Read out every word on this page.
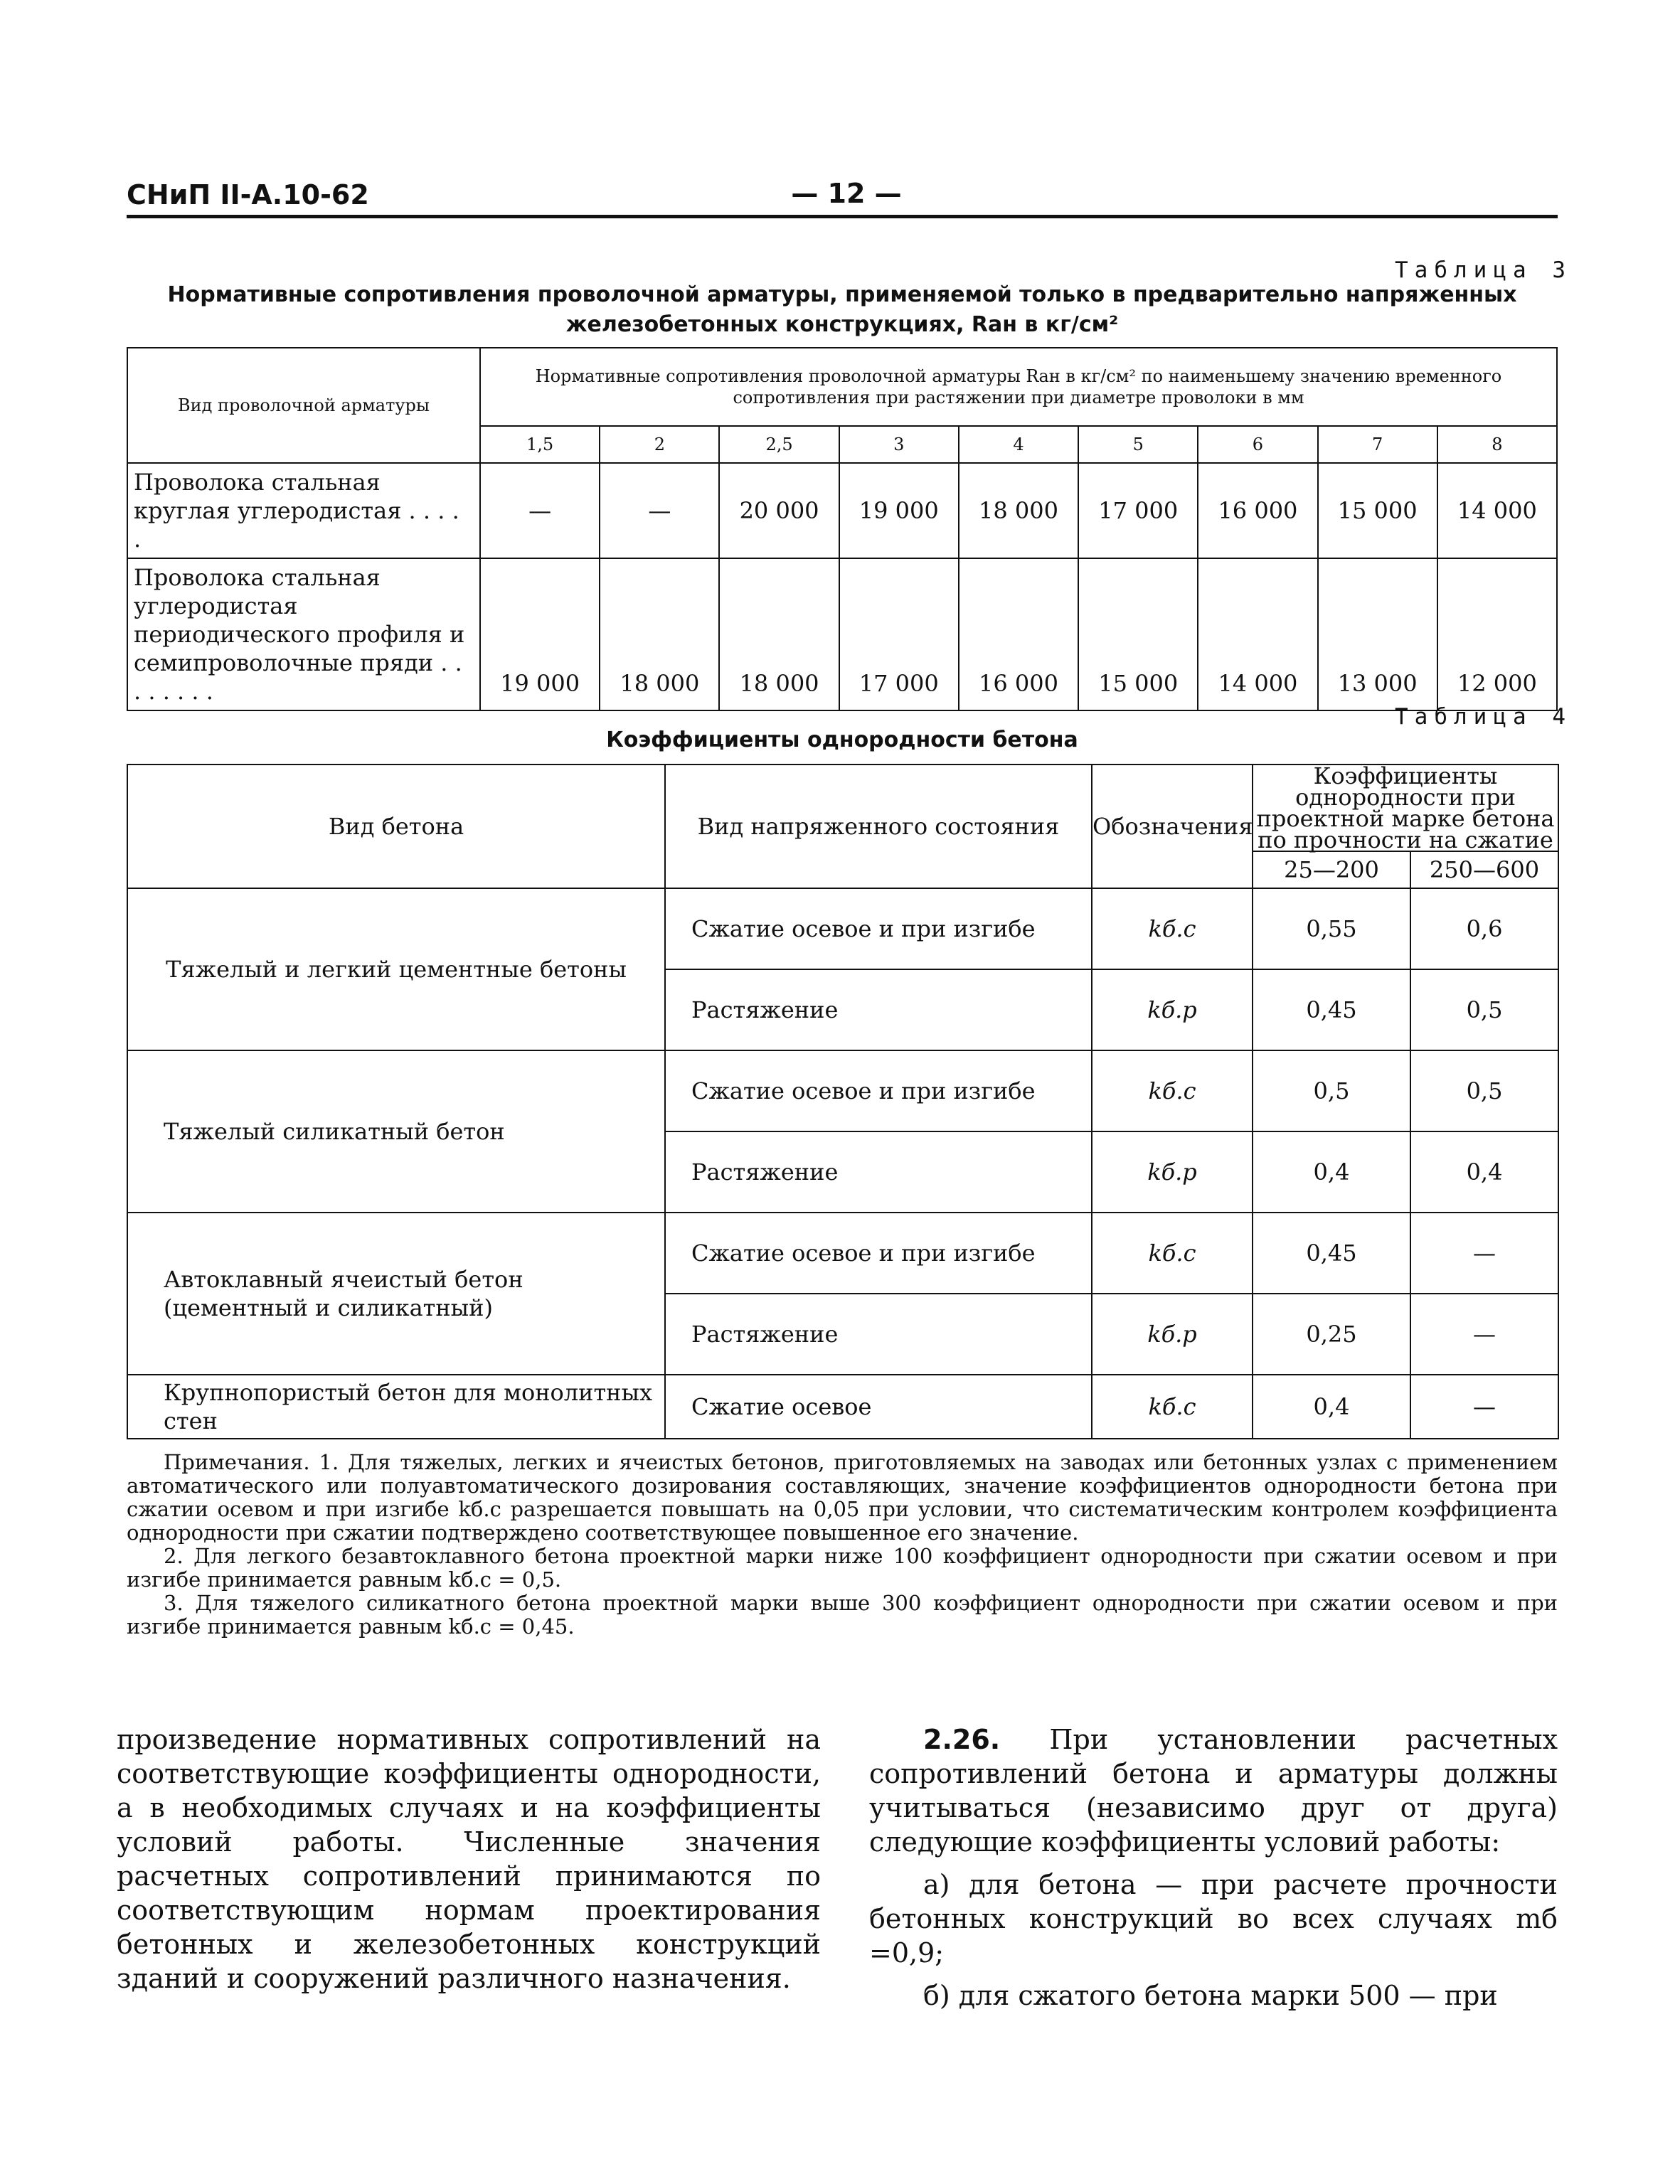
СНиП II-А.10-62	— 12 —
Таблица 3
Нормативные сопротивления проволочной арматуры, применяемой только в предварительно напряженных
железобетонных конструкциях, Rан в кг/см²
Вид проволочной арматуры	Нормативные сопротивления проволочной арматуры Rан в кг/см² по наименьшему значению временного сопротивления при растяжении при диаметре проволоки в мм								
	1,5	2	2,5	3	4	5	6	7	8
Проволока стальная круглая углеродистая . . . . .	—	—	20 000	19 000	18 000	17 000	16 000	15 000	14 000
Проволока стальная углеродистая периодического профиля и семипроволочные пряди . . . . . . . .	19 000	18 000	18 000	17 000	16 000	15 000	14 000	13 000	12 000
Таблица 4
Коэффициенты однородности бетона
Вид бетона	Вид напряженного состояния	Обозначения	Коэффициенты однородности при проектной марке бетона по прочности на сжатие	
			25—200	250—600
Тяжелый и легкий цементные бетоны	Сжатие осевое и при изгибе	kб.с	0,55	0,6
	Растяжение	kб.р	0,45	0,5
Тяжелый силикатный бетон	Сжатие осевое и при изгибе	kб.с	0,5	0,5
	Растяжение	kб.р	0,4	0,4
Автоклавный ячеистый бетон (цементный и силикатный)	Сжатие осевое и при изгибе	kб.с	0,45	—
	Растяжение	kб.р	0,25	—
Крупнопористый бетон для монолитных стен	Сжатие осевое	kб.с	0,4	—

Примечания. 1. Для тяжелых, легких и ячеистых бетонов, приготовляемых на заводах или бетонных узлах с применением автоматического или полуавтоматического дозирования составляющих, значение коэффициентов однородности бетона при сжатии осевом и при изгибе kб.с разрешается повышать на 0,05 при условии, что систематическим контролем коэффициента однородности при сжатии подтверждено соответствующее повышенное его значение.

2. Для легкого безавтоклавного бетона проектной марки ниже 100 коэффициент однородности при сжатии осевом и при изгибе принимается равным kб.с = 0,5.

3. Для тяжелого силикатного бетона проектной марки выше 300 коэффициент однородности при сжатии осевом и при изгибе принимается равным kб.с = 0,45.

произведение нормативных сопротивлений на соответствующие коэффициенты однородности, а в необходимых случаях и на коэффициенты условий работы. Численные значения расчетных сопротивлений принимаются по соответствующим нормам проектирования бетонных и железобетонных конструкций зданий и сооружений различного назначения.

2.26. При установлении расчетных сопротивлений бетона и арматуры должны учитываться (независимо друг от друга) следующие коэффициенты условий работы:

а) для бетона — при расчете прочности бетонных конструкций во всех случаях mб =0,9;

б) для сжатого бетона марки 500 — при
